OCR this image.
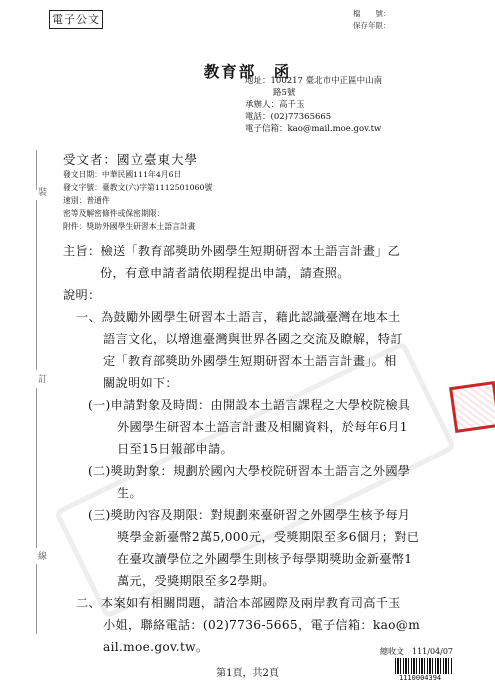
電子公文	檔　　號：
保存年限：
教育部　函
地址：100217 臺北市中正區中山南
路5號
承辦人：高千玉
電話：(02)77365665
電子信箱：kao@mail.moe.gov.tw
受文者：國立臺東大學
發文日期：中華民國111年4月6日
發文字號：臺教文(六)字第1112501060號
速別：普通件
密等及解密條件或保密期限：
附件：獎助外國學生研習本土語言計畫
裝
訂
線
主旨：檢送「教育部獎助外國學生短期研習本土語言計畫」乙
份，有意申請者請依期程提出申請，請查照。
說明：
一、為鼓勵外國學生研習本土語言，藉此認識臺灣在地本土
語言文化，以增進臺灣與世界各國之交流及瞭解，特訂
定「教育部獎助外國學生短期研習本土語言計畫」。相
關說明如下：
(一)申請對象及時間：由開設本土語言課程之大學校院檢具
外國學生研習本土語言計畫及相關資料，於每年6月1
日至15日報部申請。
(二)獎助對象：規劃於國內大學校院研習本土語言之外國學
生。
(三)獎助內容及期限：對規劃來臺研習之外國學生核予每月
獎學金新臺幣2萬5,000元，受獎期限至多6個月；對已
在臺攻讀學位之外國學生則核予每學期獎助金新臺幣1
萬元，受獎期限至多2學期。
二、本案如有相關問題，請洽本部國際及兩岸教育司高千玉
小姐，聯絡電話：(02)7736-5665，電子信箱：kao@m
ail.moe.gov.tw。	總收文　111/04/07
1110004394
第1頁，共2頁
